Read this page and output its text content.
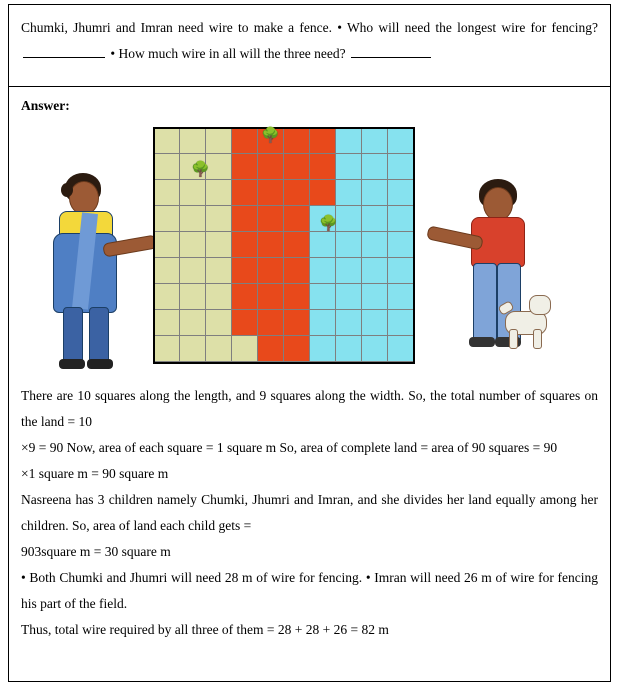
Chumki, Jhumri and Imran need wire to make a fence. • Who will need the longest wire for fencing?  • How much wire in all will the three need?
Answer:

🌳
🌳
🌳

There are 10 squares along the length, and 9 squares along the width. So, the total number of squares on the land = 10

×9 = 90 Now, area of each square = 1 square m So, area of complete land = area of 90 squares = 90

×1 square m = 90 square m

Nasreena has 3 children namely Chumki, Jhumri and Imran, and she divides her land equally among her children. So, area of land each child gets =

903square m = 30 square m

• Both Chumki and Jhumri will need 28 m of wire for fencing. • Imran will need 26 m of wire for fencing his part of the field.

Thus, total wire required by all three of them = 28 + 28 + 26 = 82 m
